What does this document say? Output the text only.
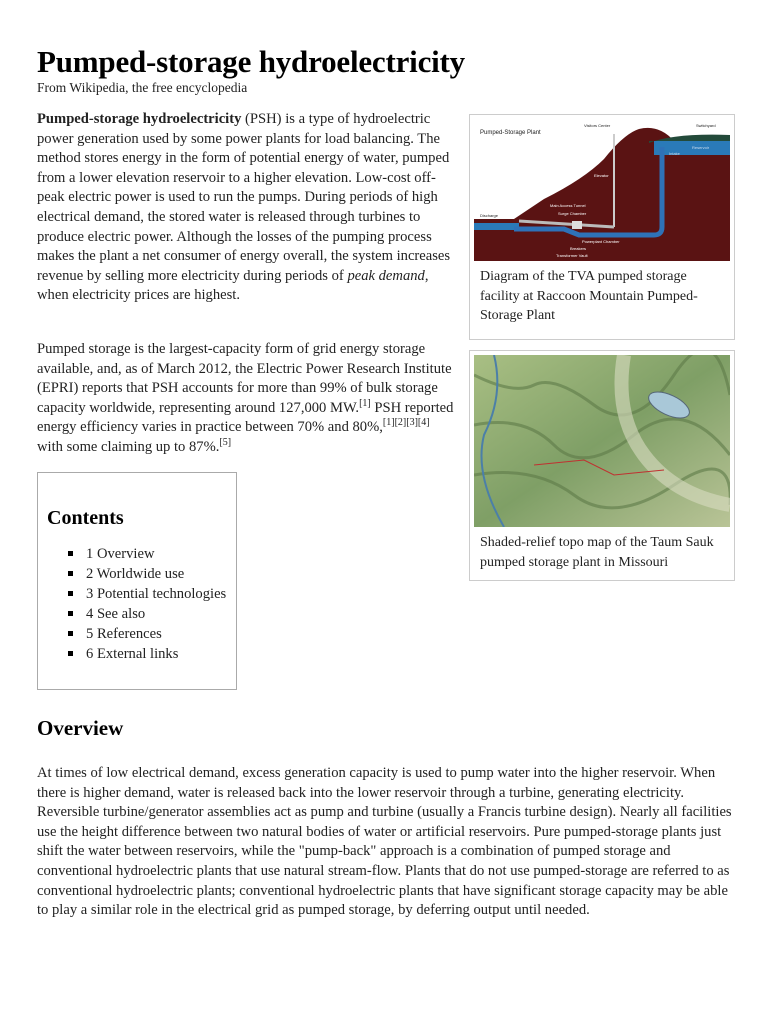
Pumped-storage hydroelectricity
From Wikipedia, the free encyclopedia

Pumped-storage hydroelectricity (PSH) is a type of hydroelectric power generation used by some power plants for load balancing. The method stores energy in the form of potential energy of water, pumped from a lower elevation reservoir to a higher elevation. Low-cost off-peak electric power is used to run the pumps. During periods of high electrical demand, the stored water is released through turbines to produce electric power. Although the losses of the pumping process makes the plant a net consumer of energy overall, the system increases revenue by selling more electricity during periods of peak demand, when electricity prices are highest.

Pumped storage is the largest-capacity form of grid energy storage available, and, as of March 2012, the Electric Power Research Institute (EPRI) reports that PSH accounts for more than 99% of bulk storage capacity worldwide, representing around 127,000 MW.[1] PSH reported energy efficiency varies in practice between 70% and 80%,[1][2][3][4] with some claiming up to 87%.[5]

Pumped-Storage Plant
Visitors Center	Switchyard
Reservoir
Intake
Elevator
Main Access Tunnel
Surge Chamber
Discharge
Powerplant Chamber
Breakers
Transformer Vault
Diagram of the TVA pumped storage facility at Raccoon Mountain Pumped-Storage Plant
Shaded-relief topo map of the Taum Sauk pumped storage plant in Missouri
Contents
1 Overview
2 Worldwide use
3 Potential technologies
4 See also
5 References
6 External links
Overview

At times of low electrical demand, excess generation capacity is used to pump water into the higher reservoir. When there is higher demand, water is released back into the lower reservoir through a turbine, generating electricity. Reversible turbine/generator assemblies act as pump and turbine (usually a Francis turbine design). Nearly all facilities use the height difference between two natural bodies of water or artificial reservoirs. Pure pumped-storage plants just shift the water between reservoirs, while the "pump-back" approach is a combination of pumped storage and conventional hydroelectric plants that use natural stream-flow. Plants that do not use pumped-storage are referred to as conventional hydroelectric plants; conventional hydroelectric plants that have significant storage capacity may be able to play a similar role in the electrical grid as pumped storage, by deferring output until needed.
